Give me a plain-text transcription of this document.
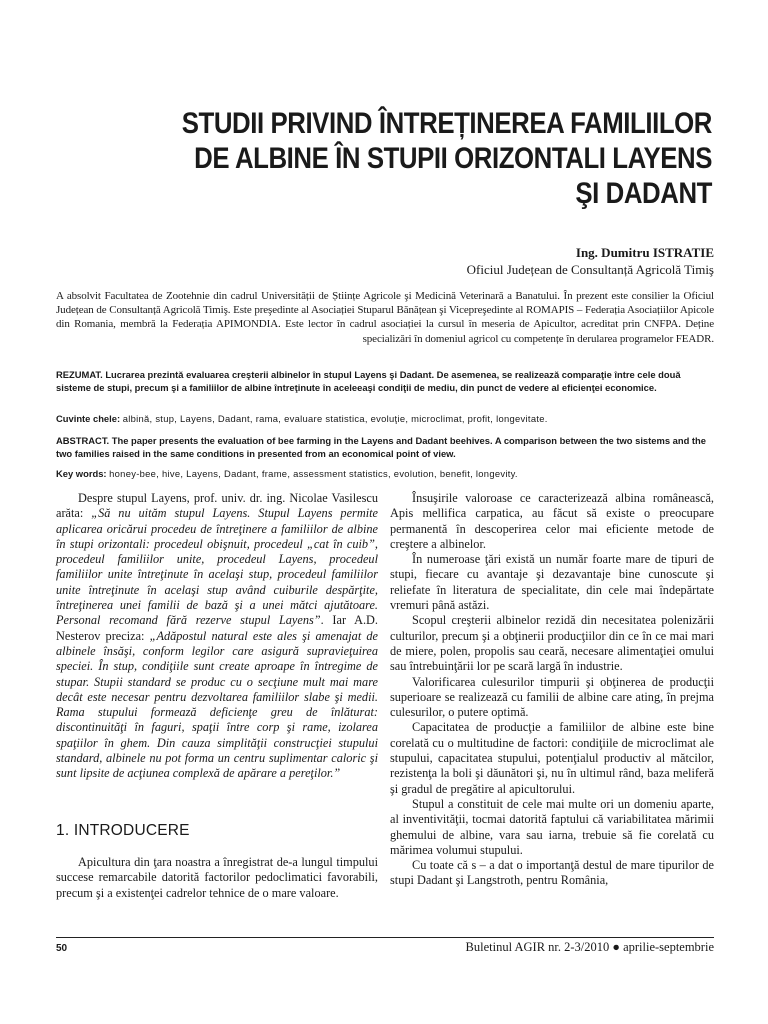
STUDII PRIVIND ÎNTREȚINEREA FAMILIILOR
DE ALBINE ÎN STUPII ORIZONTALI LAYENS
ŞI DADANT
Ing. Dumitru ISTRATIE
Oficiul Județean de Consultanță Agricolă Timiş

A absolvit Facultatea de Zootehnie din cadrul Universității de Științe Agricole şi Medicină Veterinară a Banatului. În prezent este consilier la Oficiul Județean de Consultanță Agricolă Timiş. Este preşedinte al Asociației Stuparul Bănățean şi Vicepreşedinte al ROMAPIS – Federația Asociațiilor Apicole din Romania, membră la Federația APIMONDIA. Este lector în cadrul asociației la cursul în meseria de Apicultor, acreditat prin CNFPA. Deține specializări în domeniul agricol cu competențe în derularea programelor FEADR.

REZUMAT. Lucrarea prezintă evaluarea creşterii albinelor în stupul Layens şi Dadant. De asemenea, se realizează comparaţie între cele două sisteme de stupi, precum şi a familiilor de albine întreţinute în aceleeaşi condiţii de mediu, din punct de vedere al eficienţei economice.

Cuvinte chele: albină, stup, Layens, Dadant, rama, evaluare statistica, evoluţie, microclimat, profit, longevitate.

ABSTRACT. The paper presents the evaluation of bee farming in the Layens and Dadant beehives. A comparison between the two sistems and the two families raised in the same conditions in presented from an economical point of view.

Key words: honey-bee, hive, Layens, Dadant, frame, assessment statistics, evolution, benefit, longevity.

Despre stupul Layens, prof. univ. dr. ing. Nicolae Vasilescu arăta: „Să nu uităm stupul Layens. Stupul Layens permite aplicarea oricărui procedeu de întreţinere a familiilor de albine în stupi orizontali: procedeul obişnuit, procedeul „cat în cuib”, procedeul familiilor unite, procedeul Layens, procedeul familiilor unite întreţinute în acelaşi stup, procedeul familiilor unite întreţinute în acelaşi stup având cuiburile despărţite, întreţinerea unei familii de bază şi a unei mătci ajutătoare. Personal recomand fără rezerve stupul Layens”. Iar A.D. Nesterov preciza: „Adăpostul natural este ales şi amenajat de albinele însăşi, conform legilor care asigură supravieţuirea speciei. În stup, condiţiile sunt create aproape în întregime de stupar. Stupii standard se produc cu o secţiune mult mai mare decât este necesar pentru dezvoltarea familiilor slabe şi medii. Rama stupului formează deficienţe greu de înlăturat: discontinuităţi în faguri, spaţii între corp şi rame, izolarea spaţiilor în ghem. Din cauza simplităţii construcţiei stupului standard, albinele nu pot forma un centru suplimentar caloric şi sunt lipsite de acţiunea complexă de apărare a pereţilor.”

1. INTRODUCERE

Apicultura din ţara noastra a înregistrat de-a lungul timpului succese remarcabile datorită factorilor pedoclimatici favorabili, precum şi a existenţei cadrelor tehnice de o mare valoare.

Însuşirile valoroase ce caracterizează albina românească, Apis mellifica carpatica, au făcut să existe o preocupare permanentă în descoperirea celor mai eficiente metode de creştere a albinelor.

În numeroase ţări există un număr foarte mare de tipuri de stupi, fiecare cu avantaje şi dezavantaje bine cunoscute şi reliefate în literatura de specialitate, din cele mai îndepărtate vremuri până astăzi.

Scopul creşterii albinelor rezidă din necesitatea polenizării culturilor, precum şi a obţinerii producţiilor din ce în ce mai mari de miere, polen, propolis sau ceară, necesare alimentaţiei omului sau întrebuinţării lor pe scară largă în industrie.

Valorificarea culesurilor timpurii şi obţinerea de producţii superioare se realizează cu familii de albine care ating, în prejma culesurilor, o putere optimă.

Capacitatea de producţie a familiilor de albine este bine corelată cu o multitudine de factori: condiţiile de microclimat ale stupului, capacitatea stupului, potenţialul productiv al mătcilor, rezistenţa la boli şi dăunători şi, nu în ultimul rând, baza meliferă şi gradul de pregătire al apicultorului.

Stupul a constituit de cele mai multe ori un domeniu aparte, al inventivităţii, tocmai datorită faptului că variabilitatea mărimii ghemului de albine, vara sau iarna, trebuie să fie corelată cu mărimea volumui stupului.

Cu toate că s – a dat o importanţă destul de mare tipurilor de stupi Dadant şi Langstroth, pentru România,

50	Buletinul AGIR nr. 2-3/2010 ● aprilie-septembrie
